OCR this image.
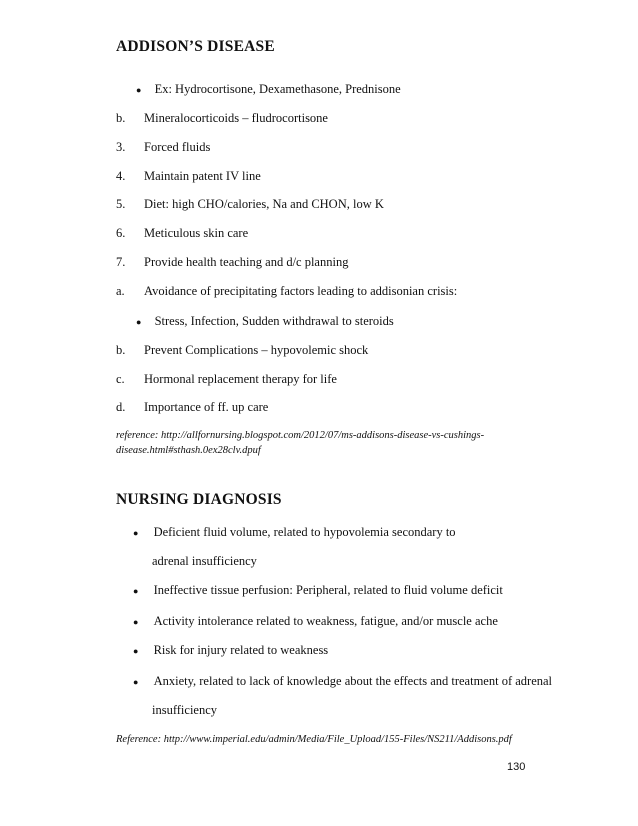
ADDISON’S DISEASE
● Ex: Hydrocortisone, Dexamethasone, Prednisone
b. Mineralocorticoids – fludrocortisone
3. Forced fluids
4. Maintain patent IV line
5. Diet: high CHO/calories, Na and CHON, low K
6. Meticulous skin care
7. Provide health teaching and d/c planning
a. Avoidance of precipitating factors leading to addisonian crisis:
● Stress, Infection, Sudden withdrawal to steroids
b. Prevent Complications – hypovolemic shock
c. Hormonal replacement therapy for life
d. Importance of ff. up care
reference: http://allfornursing.blogspot.com/2012/07/ms-addisons-disease-vs-cushings-
disease.html#sthash.0ex28clv.dpuf
NURSING DIAGNOSIS
● Deficient fluid volume, related to hypovolemia secondary to
adrenal insufficiency
● Ineffective tissue perfusion: Peripheral, related to fluid volume deficit
● Activity intolerance related to weakness, fatigue, and/or muscle ache
● Risk for injury related to weakness
● Anxiety, related to lack of knowledge about the effects and treatment of adrenal
insufficiency
Reference: http://www.imperial.edu/admin/Media/File_Upload/155-Files/NS211/Addisons.pdf
130
